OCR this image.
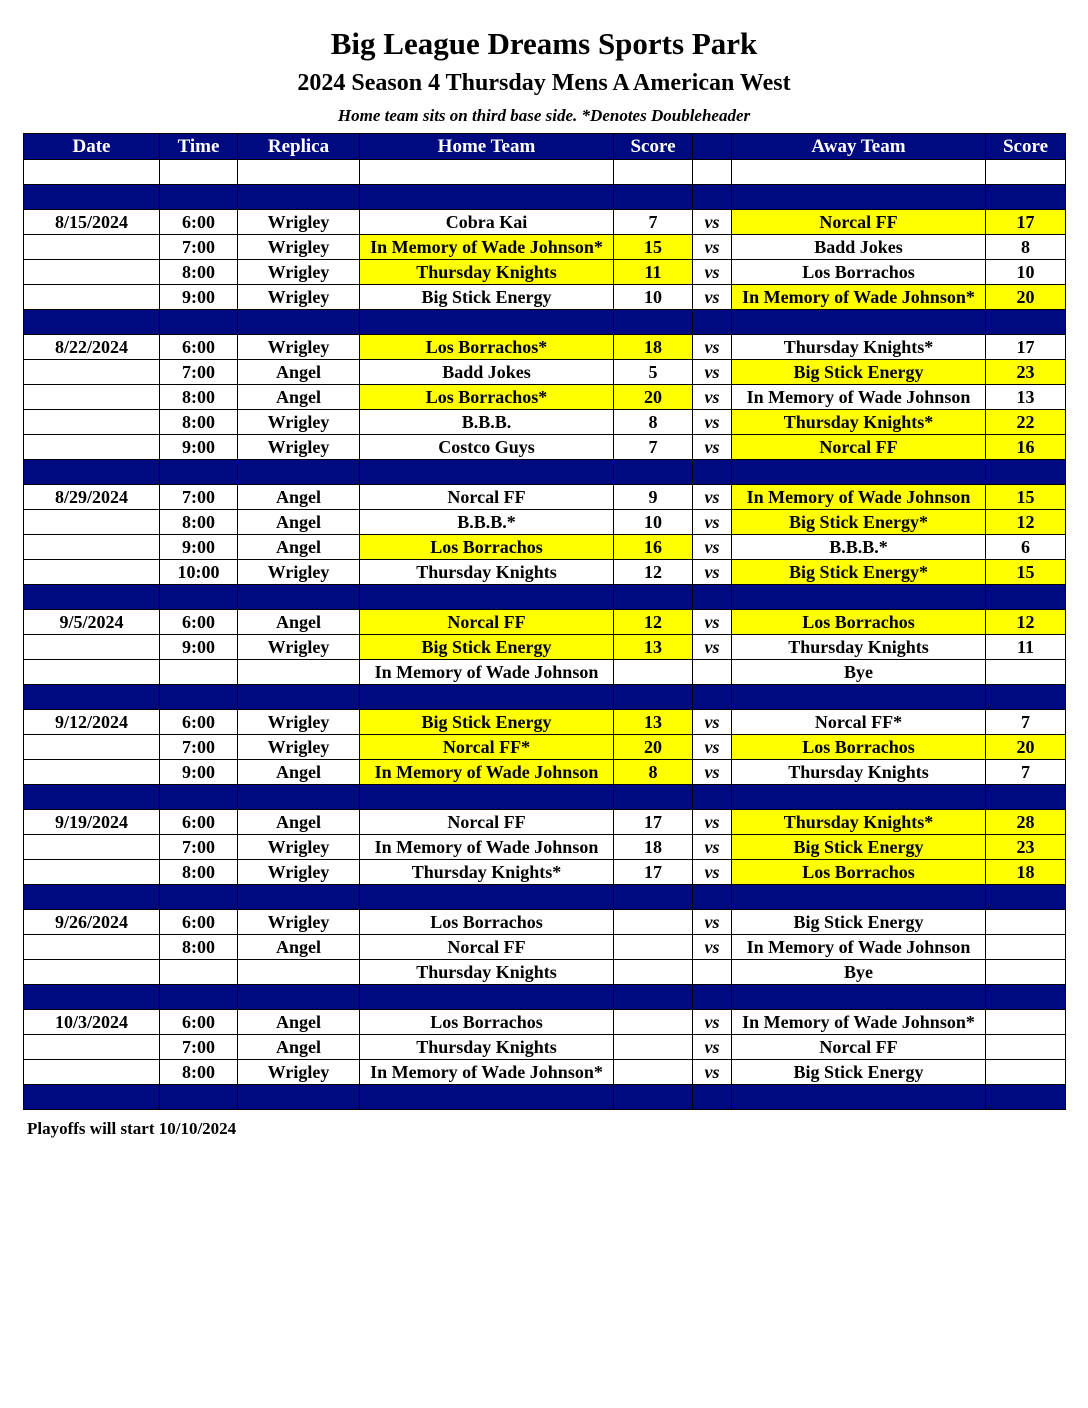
Big League Dreams Sports Park
2024 Season 4 Thursday Mens A American West
Home team sits on third base side. *Denotes Doubleheader
Date	Time	Replica	Home Team	Score		Away Team	Score

8/15/2024	6:00	Wrigley	Cobra Kai	7	vs	Norcal FF	17
	7:00	Wrigley	In Memory of Wade Johnson*	15	vs	Badd Jokes	8
	8:00	Wrigley	Thursday Knights	11	vs	Los Borrachos	10
	9:00	Wrigley	Big Stick Energy	10	vs	In Memory of Wade Johnson*	20

8/22/2024	6:00	Wrigley	Los Borrachos*	18	vs	Thursday Knights*	17
	7:00	Angel	Badd Jokes	5	vs	Big Stick Energy	23
	8:00	Angel	Los Borrachos*	20	vs	In Memory of Wade Johnson	13
	8:00	Wrigley	B.B.B.	8	vs	Thursday Knights*	22
	9:00	Wrigley	Costco Guys	7	vs	Norcal FF	16

8/29/2024	7:00	Angel	Norcal FF	9	vs	In Memory of Wade Johnson	15
	8:00	Angel	B.B.B.*	10	vs	Big Stick Energy*	12
	9:00	Angel	Los Borrachos	16	vs	B.B.B.*	6
	10:00	Wrigley	Thursday Knights	12	vs	Big Stick Energy*	15

9/5/2024	6:00	Angel	Norcal FF	12	vs	Los Borrachos	12
	9:00	Wrigley	Big Stick Energy	13	vs	Thursday Knights	11
			In Memory of Wade Johnson			Bye	

9/12/2024	6:00	Wrigley	Big Stick Energy	13	vs	Norcal FF*	7
	7:00	Wrigley	Norcal FF*	20	vs	Los Borrachos	20
	9:00	Angel	In Memory of Wade Johnson	8	vs	Thursday Knights	7

9/19/2024	6:00	Angel	Norcal FF	17	vs	Thursday Knights*	28
	7:00	Wrigley	In Memory of Wade Johnson	18	vs	Big Stick Energy	23
	8:00	Wrigley	Thursday Knights*	17	vs	Los Borrachos	18

9/26/2024	6:00	Wrigley	Los Borrachos		vs	Big Stick Energy	
	8:00	Angel	Norcal FF		vs	In Memory of Wade Johnson	
			Thursday Knights			Bye	

10/3/2024	6:00	Angel	Los Borrachos		vs	In Memory of Wade Johnson*	
	7:00	Angel	Thursday Knights		vs	Norcal FF	
	8:00	Wrigley	In Memory of Wade Johnson*		vs	Big Stick Energy	

Playoffs will start 10/10/2024
